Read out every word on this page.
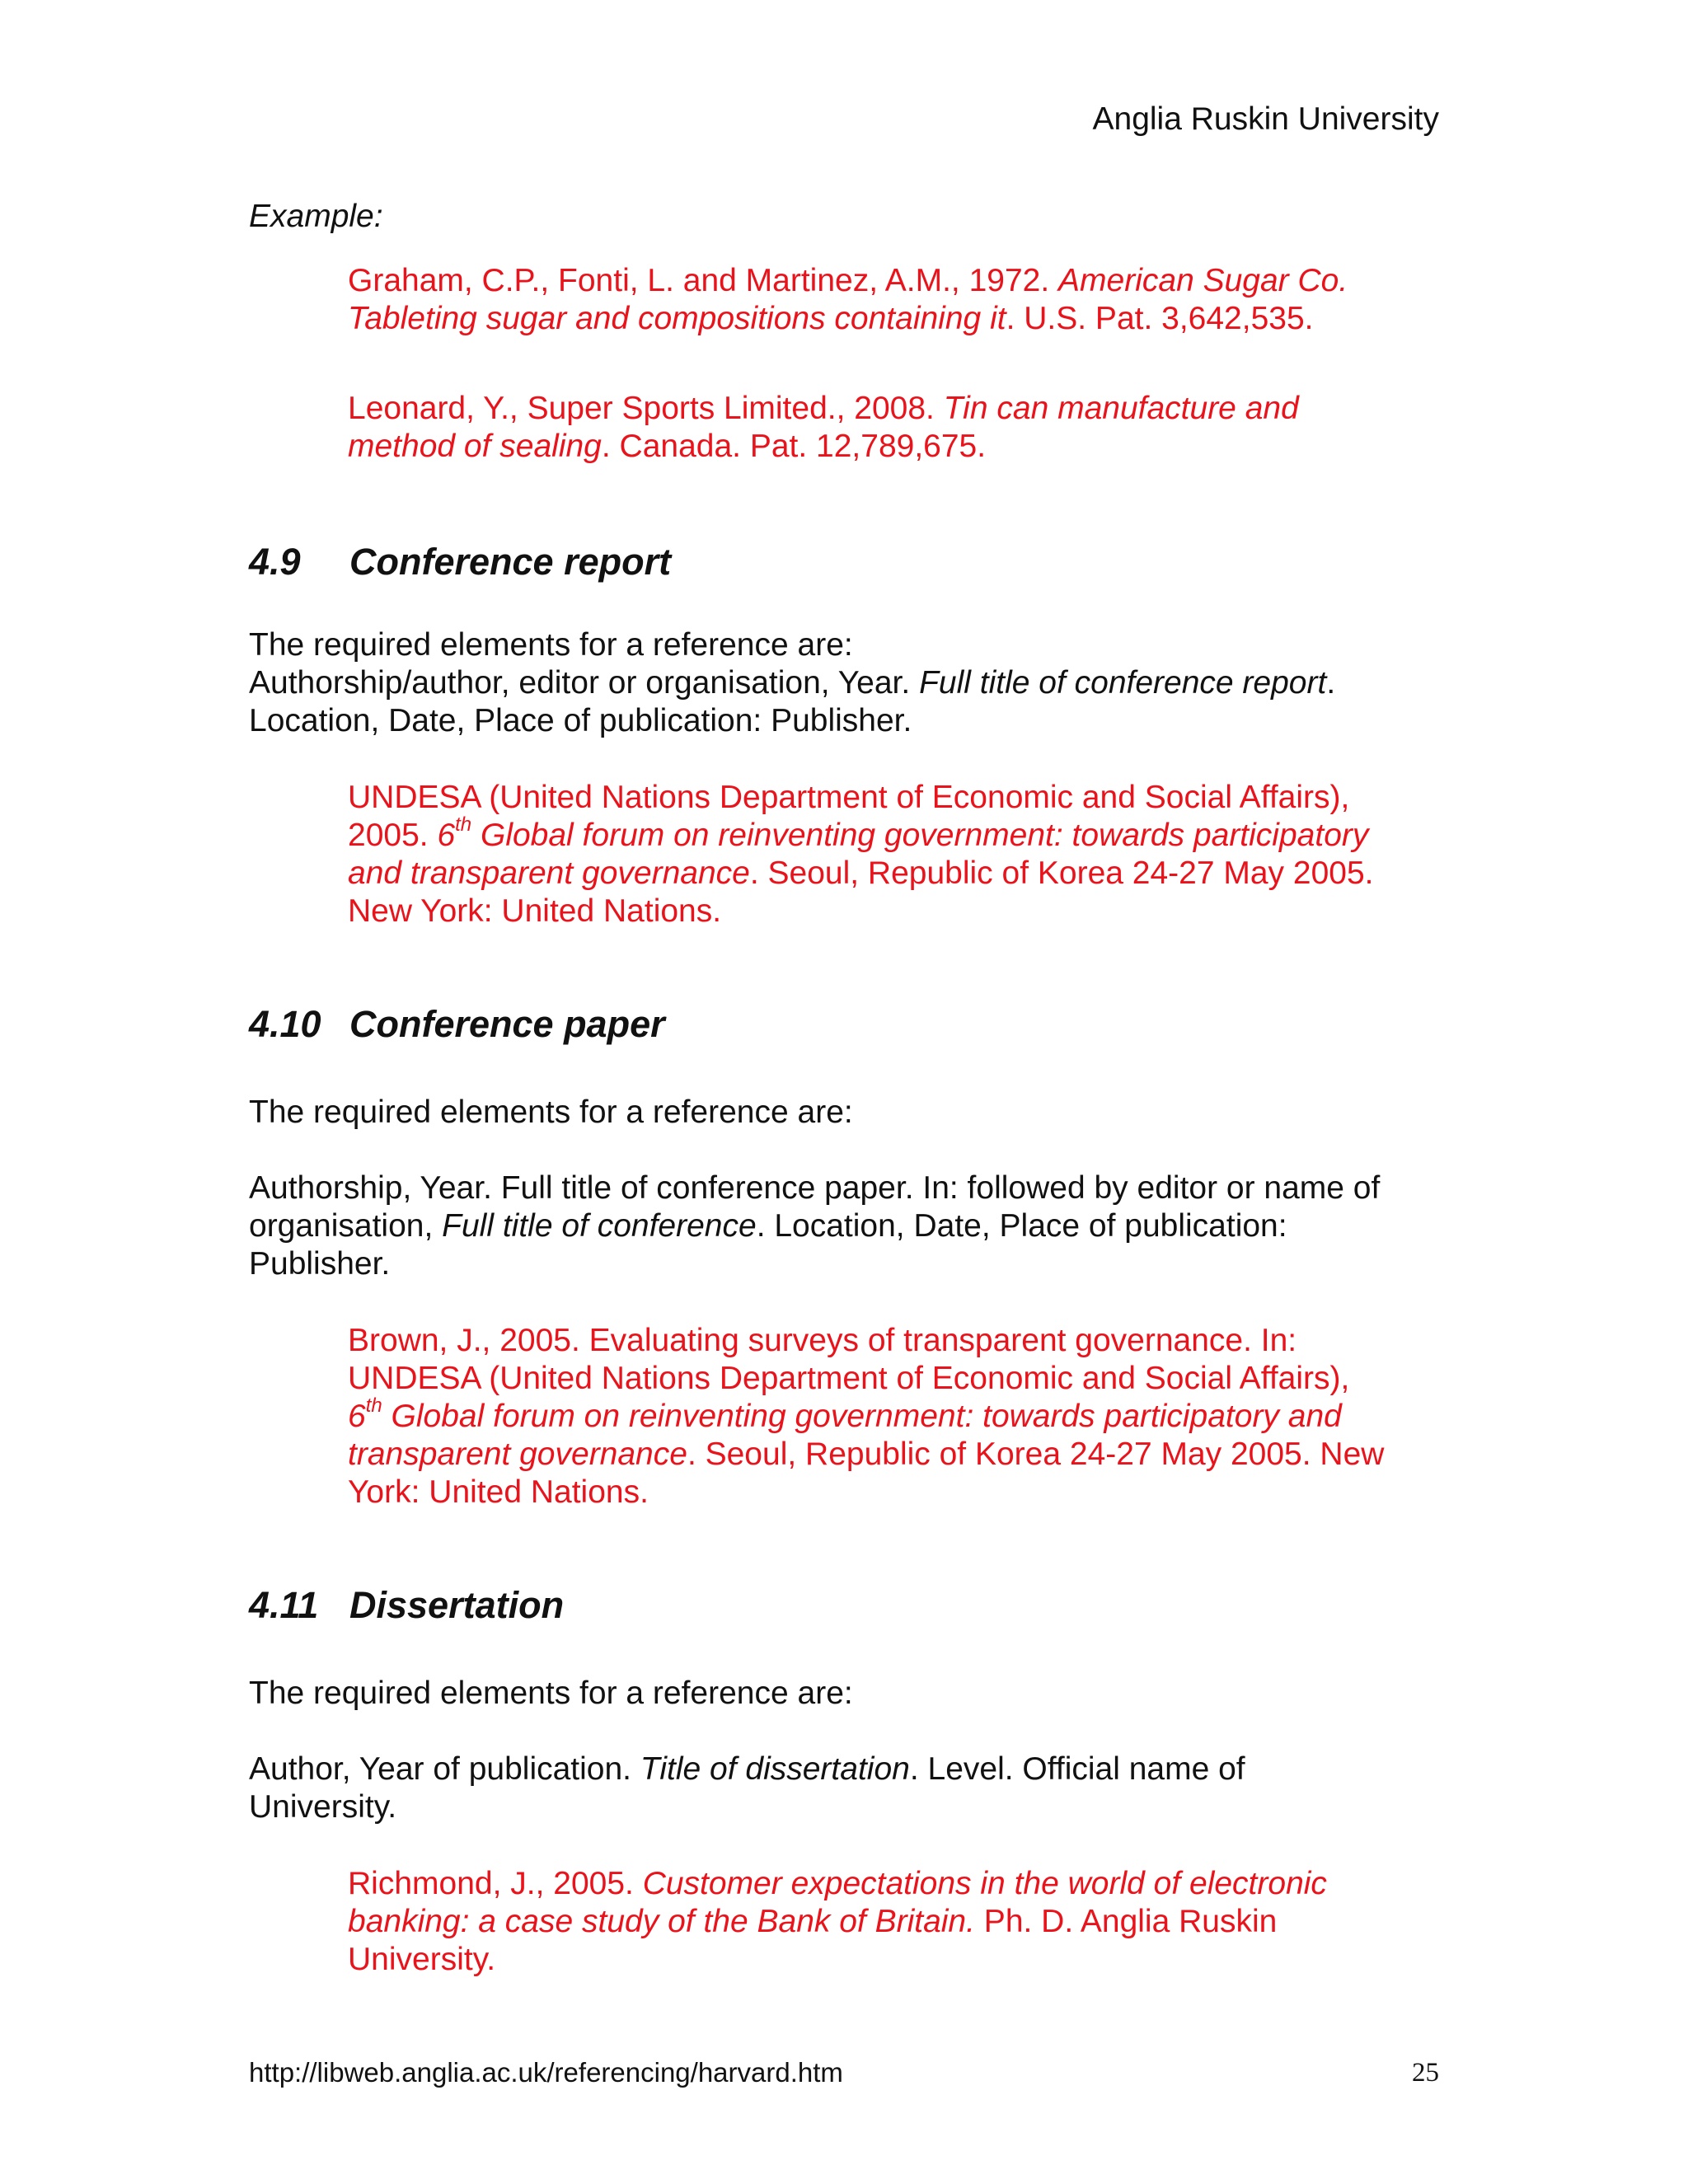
Anglia Ruskin University
Example:
Graham, C.P., Fonti, L. and Martinez, A.M., 1972. American Sugar Co.
Tableting sugar and compositions containing it. U.S. Pat. 3,642,535.
Leonard, Y., Super Sports Limited., 2008. Tin can manufacture and
method of sealing. Canada. Pat. 12,789,675.
4.9 Conference report
The required elements for a reference are:
Authorship/author, editor or organisation, Year. Full title of conference report.
Location, Date, Place of publication: Publisher.
UNDESA (United Nations Department of Economic and Social Affairs),
2005. 6th Global forum on reinventing government: towards participatory
and transparent governance. Seoul, Republic of Korea 24-27 May 2005.
New York: United Nations.
4.10 Conference paper
The required elements for a reference are:
Authorship, Year. Full title of conference paper. In: followed by editor or name of
organisation, Full title of conference. Location, Date, Place of publication:
Publisher.
Brown, J., 2005. Evaluating surveys of transparent governance. In:
UNDESA (United Nations Department of Economic and Social Affairs),
6th Global forum on reinventing government: towards participatory and
transparent governance. Seoul, Republic of Korea 24-27 May 2005. New
York: United Nations.
4.11 Dissertation
The required elements for a reference are:
Author, Year of publication. Title of dissertation. Level. Official name of
University.
Richmond, J., 2005. Customer expectations in the world of electronic
banking: a case study of the Bank of Britain. Ph. D. Anglia Ruskin
University.
http://libweb.anglia.ac.uk/referencing/harvard.htm	25
